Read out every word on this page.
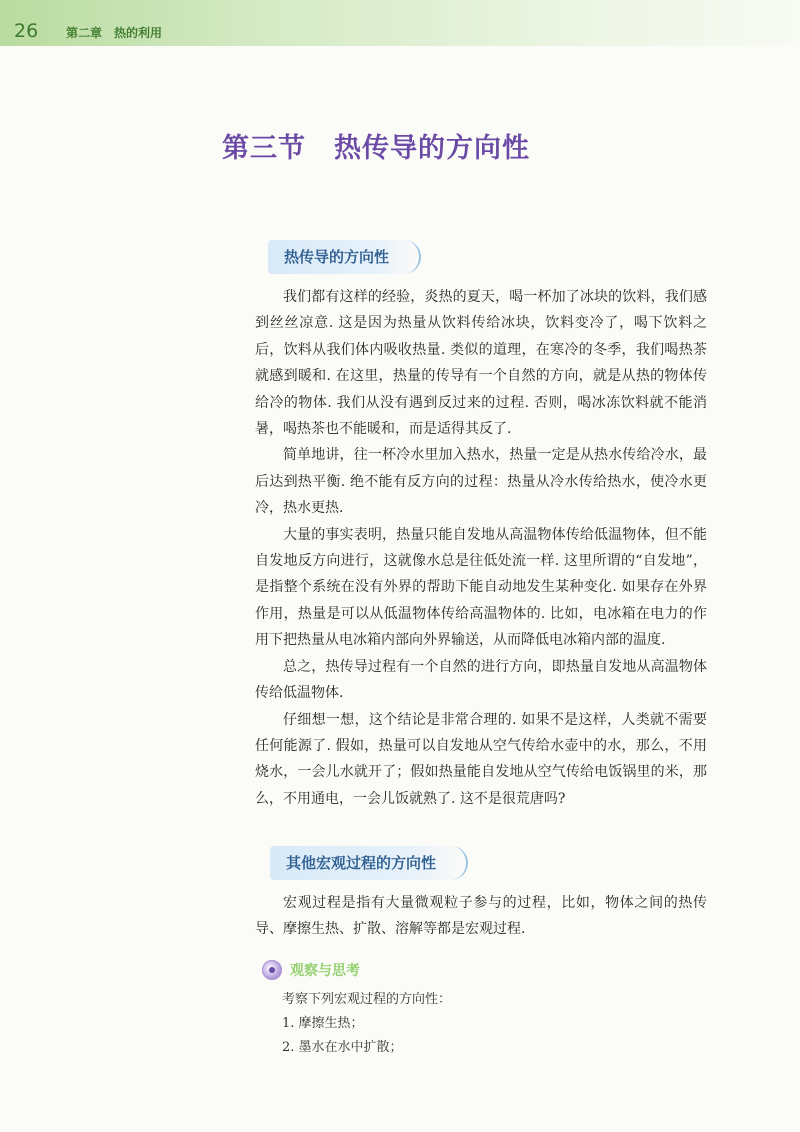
26 第二章　热的利用
第三节　热传导的方向性
热传导的方向性

我们都有这样的经验，炎热的夏天，喝一杯加了冰块的饮料，我们感到丝丝凉意. 这是因为热量从饮料传给冰块，饮料变冷了，喝下饮料之后，饮料从我们体内吸收热量. 类似的道理，在寒冷的冬季，我们喝热茶就感到暖和. 在这里，热量的传导有一个自然的方向，就是从热的物体传给冷的物体. 我们从没有遇到反过来的过程. 否则，喝冰冻饮料就不能消暑，喝热茶也不能暖和，而是适得其反了.

简单地讲，往一杯冷水里加入热水，热量一定是从热水传给冷水，最后达到热平衡. 绝不能有反方向的过程：热量从冷水传给热水，使冷水更冷，热水更热.

大量的事实表明，热量只能自发地从高温物体传给低温物体，但不能自发地反方向进行，这就像水总是往低处流一样. 这里所谓的“自发地”，是指整个系统在没有外界的帮助下能自动地发生某种变化. 如果存在外界作用，热量是可以从低温物体传给高温物体的. 比如，电冰箱在电力的作用下把热量从电冰箱内部向外界输送，从而降低电冰箱内部的温度.

总之，热传导过程有一个自然的进行方向，即热量自发地从高温物体传给低温物体.

仔细想一想，这个结论是非常合理的. 如果不是这样，人类就不需要任何能源了. 假如，热量可以自发地从空气传给水壶中的水，那么，不用烧水，一会儿水就开了；假如热量能自发地从空气传给电饭锅里的米，那么，不用通电，一会儿饭就熟了. 这不是很荒唐吗?

其他宏观过程的方向性

宏观过程是指有大量微观粒子参与的过程，比如，物体之间的热传导、摩擦生热、扩散、溶解等都是宏观过程.

观察与思考
考察下列宏观过程的方向性：
1. 摩擦生热；
2. 墨水在水中扩散；
